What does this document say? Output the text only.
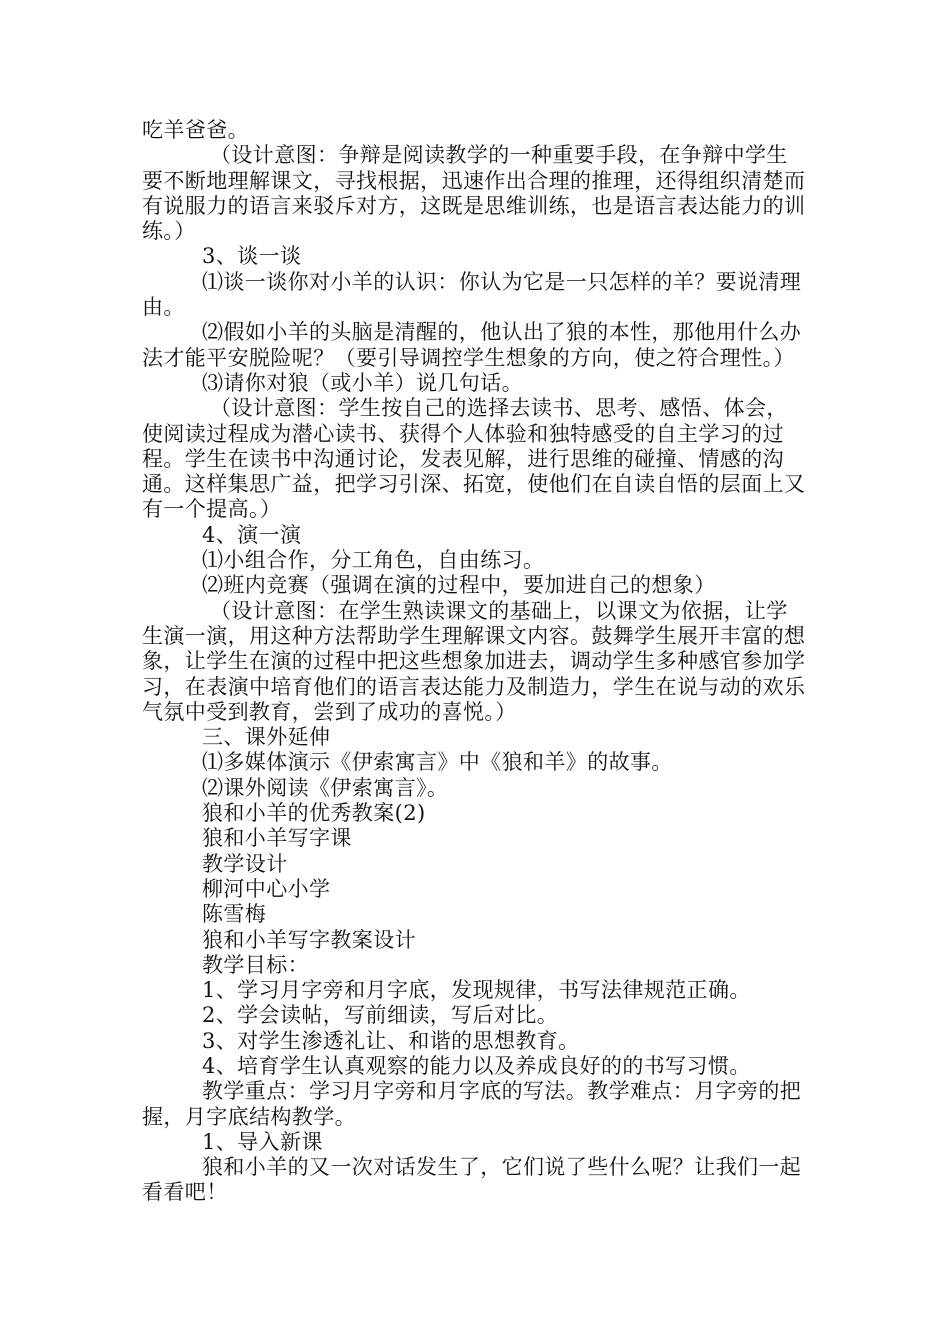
吃羊爸爸。

（设计意图：争辩是阅读教学的一种重要手段，在争辩中学生要不断地理解课文，寻找根据，迅速作出合理的推理，还得组织清楚而有说服力的语言来驳斥对方，这既是思维训练，也是语言表达能力的训练。）

3、谈一谈

⑴谈一谈你对小羊的认识：你认为它是一只怎样的羊？要说清理由。

⑵假如小羊的头脑是清醒的，他认出了狼的本性，那他用什么办法才能平安脱险呢？（要引导调控学生想象的方向，使之符合理性。）

⑶请你对狼（或小羊）说几句话。

（设计意图：学生按自己的选择去读书、思考、感悟、体会，使阅读过程成为潜心读书、获得个人体验和独特感受的自主学习的过程。学生在读书中沟通讨论，发表见解，进行思维的碰撞、情感的沟通。这样集思广益，把学习引深、拓宽，使他们在自读自悟的层面上又有一个提高。）

4、演一演

⑴小组合作，分工角色，自由练习。

⑵班内竞赛（强调在演的过程中，要加进自己的想象）

（设计意图：在学生熟读课文的基础上，以课文为依据，让学生演一演，用这种方法帮助学生理解课文内容。鼓舞学生展开丰富的想象，让学生在演的过程中把这些想象加进去，调动学生多种感官参加学习，在表演中培育他们的语言表达能力及制造力，学生在说与动的欢乐气氛中受到教育，尝到了成功的喜悦。）

三、课外延伸

⑴多媒体演示《伊索寓言》中《狼和羊》的故事。

⑵课外阅读《伊索寓言》。

狼和小羊的优秀教案(2)

狼和小羊写字课

教学设计

柳河中心小学

陈雪梅

狼和小羊写字教案设计

教学目标：

1、学习月字旁和月字底，发现规律，书写法律规范正确。

2、学会读帖，写前细读，写后对比。

3、对学生渗透礼让、和谐的思想教育。

4、培育学生认真观察的能力以及养成良好的的书写习惯。

教学重点：学习月字旁和月字底的写法。教学难点：月字旁的把握，月字底结构教学。

1、导入新课

狼和小羊的又一次对话发生了，它们说了些什么呢？让我们一起看看吧！
